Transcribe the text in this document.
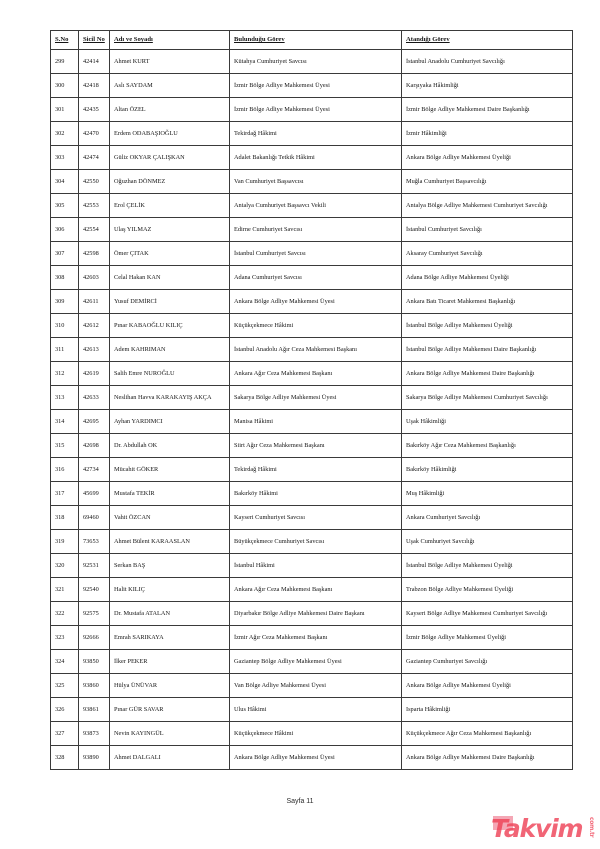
S.No	Sicil No	Adı ve Soyadı	Bulunduğu Görev	Atandığı Görev
299	42414	Ahmet KURT	Kütahya Cumhuriyet Savcısı	İstanbul Anadolu Cumhuriyet Savcılığı
300	42418	Aslı SAYDAM	İzmir Bölge Adliye Mahkemesi Üyesi	Karşıyaka Hâkimliği
301	42435	Altan ÖZEL	İzmir Bölge Adliye Mahkemesi Üyesi	İzmir Bölge Adliye Mahkemesi Daire Başkanlığı
302	42470	Erdem ODABAŞIOĞLU	Tekirdağ Hâkimi	İzmir Hâkimliği
303	42474	Güliz OKYAR ÇALIŞKAN	Adalet Bakanlığı Tetkik Hâkimi	Ankara Bölge Adliye Mahkemesi Üyeliği
304	42550	Oğuzhan DÖNMEZ	Van Cumhuriyet Başsavcısı	Muğla Cumhuriyet Başsavcılığı
305	42553	Erol ÇELİK	Antalya Cumhuriyet Başsavcı Vekili	Antalya Bölge Adliye Mahkemesi Cumhuriyet Savcılığı
306	42554	Ulaş YILMAZ	Edirne Cumhuriyet Savcısı	İstanbul Cumhuriyet Savcılığı
307	42598	Ömer ÇITAK	İstanbul Cumhuriyet Savcısı	Aksaray Cumhuriyet Savcılığı
308	42603	Celal Hakan KAN	Adana Cumhuriyet Savcısı	Adana Bölge Adliye Mahkemesi Üyeliği
309	42611	Yusuf DEMİRCİ	Ankara Bölge Adliye Mahkemesi Üyesi	Ankara Batı Ticaret Mahkemesi Başkanlığı
310	42612	Pınar KABAOĞLU KILIÇ	Küçükçekmece Hâkimi	İstanbul Bölge Adliye Mahkemesi Üyeliği
311	42613	Adem KAHRIMAN	İstanbul Anadolu Ağır Ceza Mahkemesi Başkanı	İstanbul Bölge Adliye Mahkemesi Daire Başkanlığı
312	42619	Salih Emre NUROĞLU	Ankara Ağır Ceza Mahkemesi Başkanı	Ankara Bölge Adliye Mahkemesi Daire Başkanlığı
313	42633	Neslihan Havva KARAKAYIŞ AKÇA	Sakarya Bölge Adliye Mahkemesi Üyesi	Sakarya Bölge Adliye Mahkemesi Cumhuriyet Savcılığı
314	42695	Ayhan YARDIMCI	Manisa Hâkimi	Uşak Hâkimliği
315	42698	Dr. Abdullah OK	Siirt Ağır Ceza Mahkemesi Başkanı	Bakırköy Ağır Ceza Mahkemesi Başkanlığı
316	42734	Mücahit GÖKER	Tekirdağ Hâkimi	Bakırköy Hâkimliği
317	45699	Mustafa TEKİR	Bakırköy Hâkimi	Muş Hâkimliği
318	69460	Vahit ÖZCAN	Kayseri Cumhuriyet Savcısı	Ankara Cumhuriyet Savcılığı
319	73653	Ahmet Bülent KARAASLAN	Büyükçekmece Cumhuriyet Savcısı	Uşak Cumhuriyet Savcılığı
320	92531	Serkan BAŞ	İstanbul Hâkimi	İstanbul Bölge Adliye Mahkemesi Üyeliği
321	92540	Halit KILIÇ	Ankara Ağır Ceza Mahkemesi Başkanı	Trabzon Bölge Adliye Mahkemesi Üyeliği
322	92575	Dr. Mustafa ATALAN	Diyarbakır Bölge Adliye Mahkemesi Daire Başkanı	Kayseri Bölge Adliye Mahkemesi Cumhuriyet Savcılığı
323	92666	Emrah SARIKAYA	İzmir Ağır Ceza Mahkemesi Başkanı	İzmir Bölge Adliye Mahkemesi Üyeliği
324	93850	İlker PEKER	Gaziantep Bölge Adliye Mahkemesi Üyesi	Gaziantep Cumhuriyet Savcılığı
325	93860	Hülya ÜNÜVAR	Van Bölge Adliye Mahkemesi Üyesi	Ankara Bölge Adliye Mahkemesi Üyeliği
326	93861	Pınar GÜR SAVAR	Ulus Hâkimi	Isparta Hâkimliği
327	93873	Nevin KAYINGÜL	Küçükçekmece Hâkimi	Küçükçekmece Ağır Ceza Mahkemesi Başkanlığı
328	93890	Ahmet DALGALI	Ankara Bölge Adliye Mahkemesi Üyesi	Ankara Bölge Adliye Mahkemesi Daire Başkanlığı
Sayfa 11
Takvim com.tr
